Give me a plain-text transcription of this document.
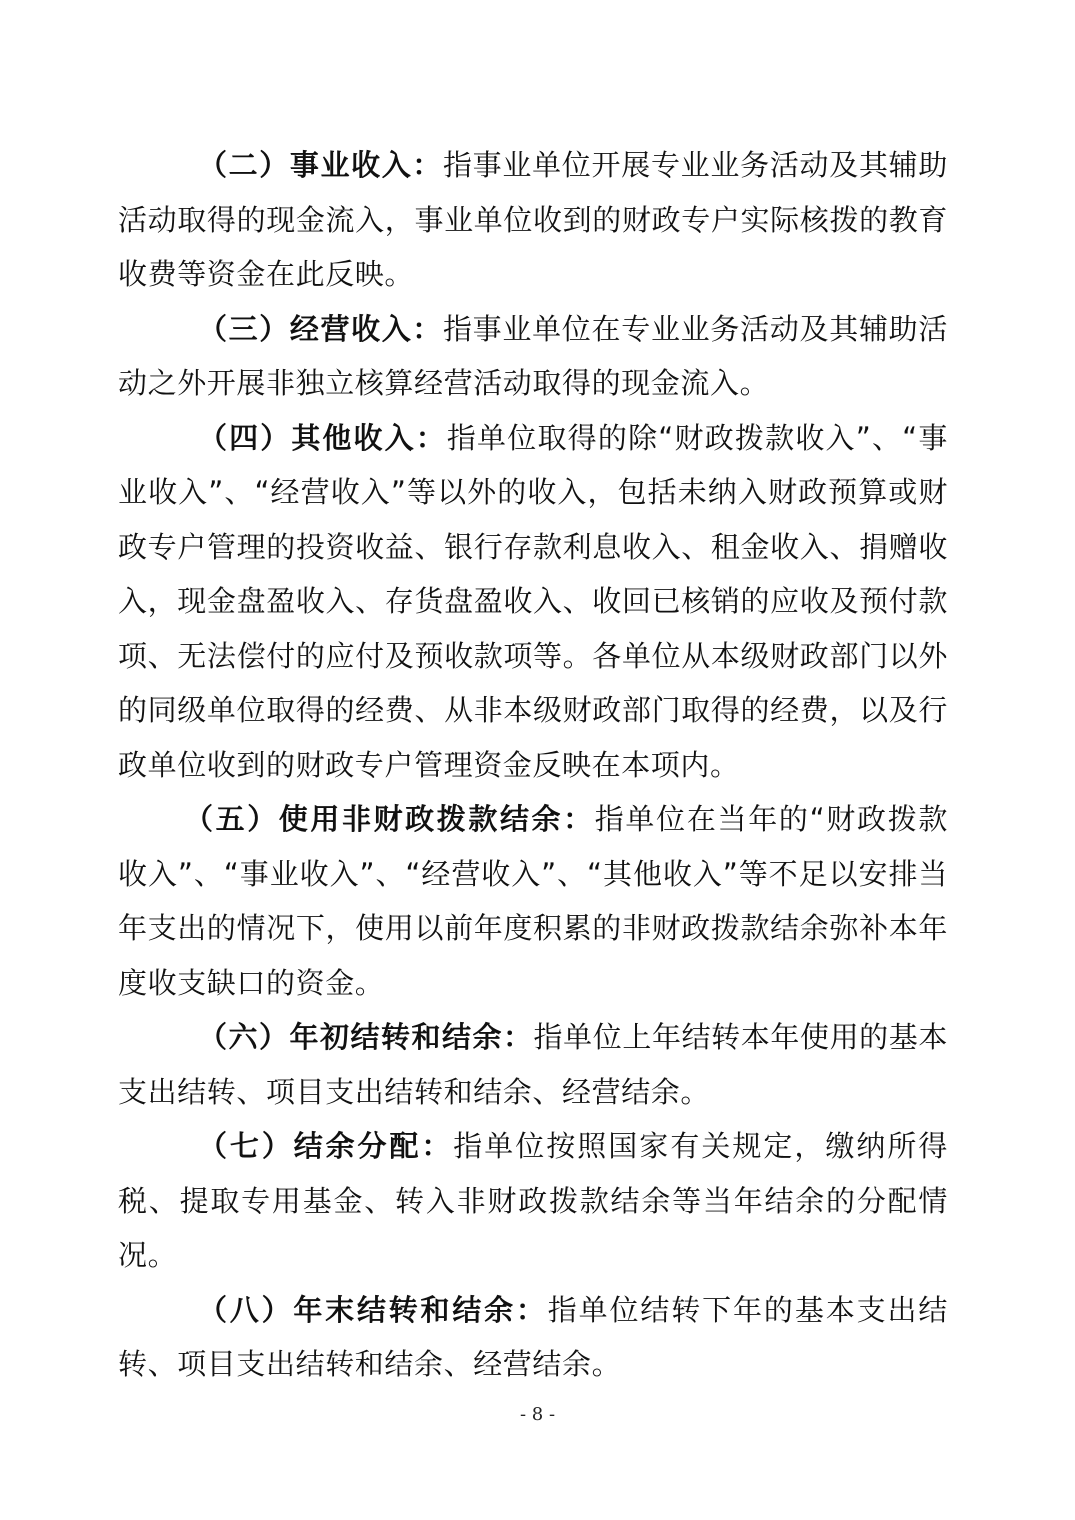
（二）事业收入：指事业单位开展专业业务活动及其辅助活动取得的现金流入，事业单位收到的财政专户实际核拨的教育收费等资金在此反映。

（三）经营收入：指事业单位在专业业务活动及其辅助活动之外开展非独立核算经营活动取得的现金流入。

（四）其他收入：指单位取得的除“财政拨款收入”、“事业收入”、“经营收入”等以外的收入，包括未纳入财政预算或财政专户管理的投资收益、银行存款利息收入、租金收入、捐赠收入，现金盘盈收入、存货盘盈收入、收回已核销的应收及预付款项、无法偿付的应付及预收款项等。各单位从本级财政部门以外的同级单位取得的经费、从非本级财政部门取得的经费，以及行政单位收到的财政专户管理资金反映在本项内。

（五）使用非财政拨款结余：指单位在当年的“财政拨款收入”、“事业收入”、“经营收入”、“其他收入”等不足以安排当年支出的情况下，使用以前年度积累的非财政拨款结余弥补本年度收支缺口的资金。

（六）年初结转和结余：指单位上年结转本年使用的基本支出结转、项目支出结转和结余、经营结余。

（七）结余分配：指单位按照国家有关规定，缴纳所得税、提取专用基金、转入非财政拨款结余等当年结余的分配情况。

（八）年末结转和结余：指单位结转下年的基本支出结转、项目支出结转和结余、经营结余。

- 8 -
